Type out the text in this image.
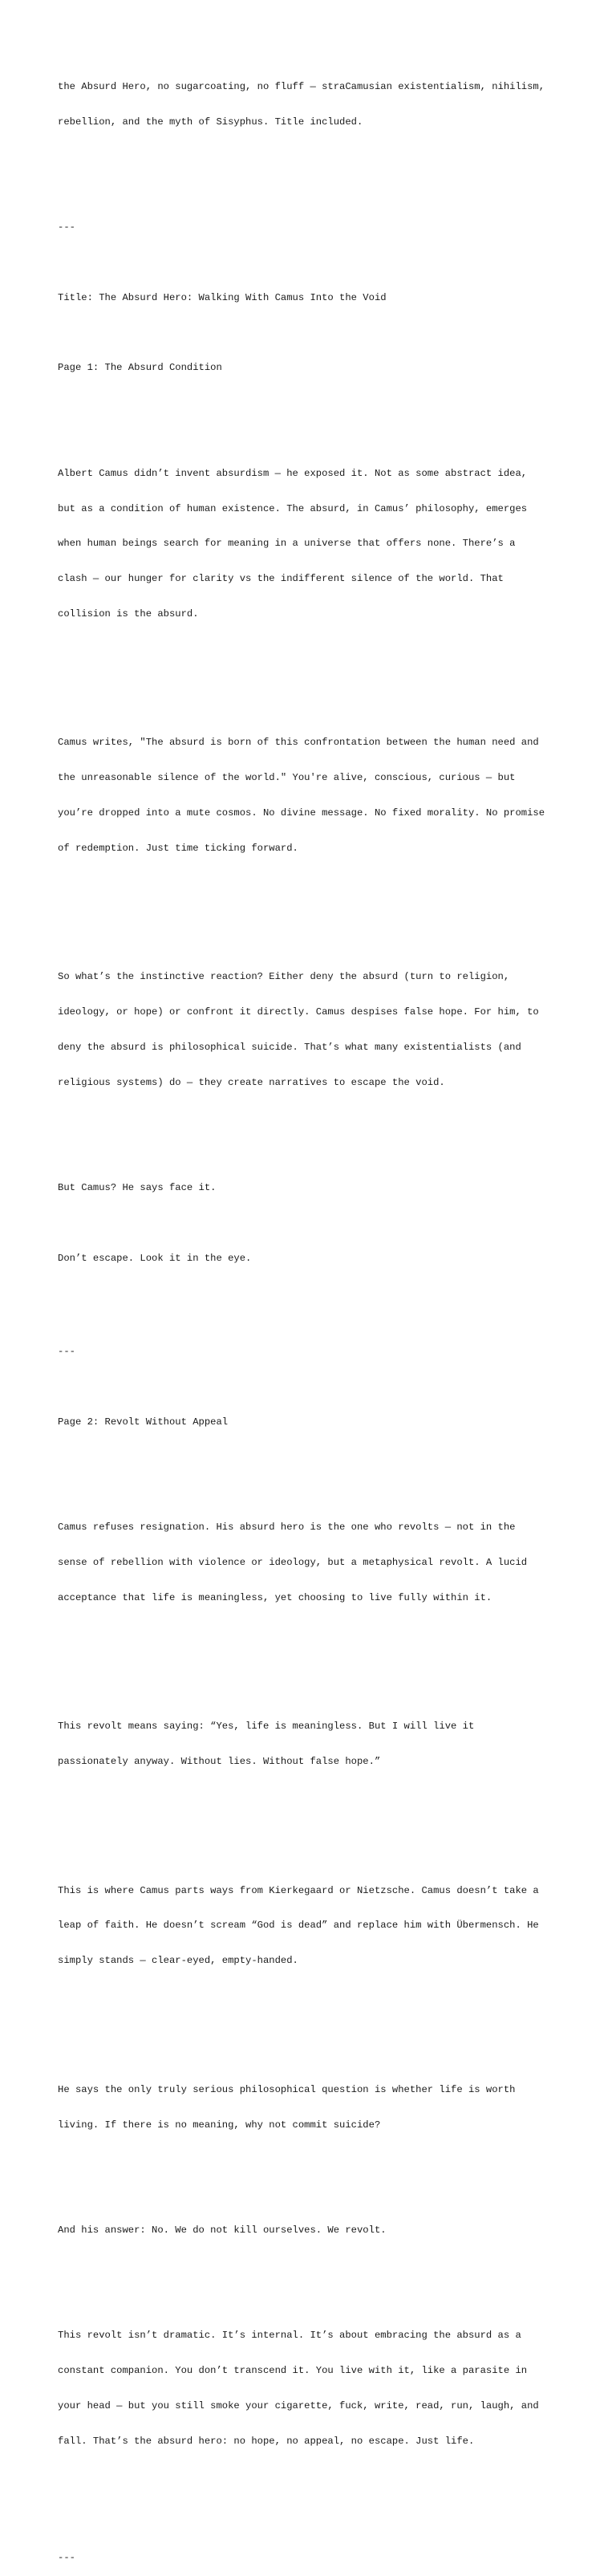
the Absurd Hero, no sugarcoating, no fluff — straCamusian existentialism, nihilism,

rebellion, and the myth of Sisyphus. Title included.

---

Title: The Absurd Hero: Walking With Camus Into the Void

Page 1: The Absurd Condition

Albert Camus didn’t invent absurdism — he exposed it. Not as some abstract idea,

but as a condition of human existence. The absurd, in Camus’ philosophy, emerges

when human beings search for meaning in a universe that offers none. There’s a

clash — our hunger for clarity vs the indifferent silence of the world. That

collision is the absurd.

Camus writes, "The absurd is born of this confrontation between the human need and

the unreasonable silence of the world." You're alive, conscious, curious — but

you’re dropped into a mute cosmos. No divine message. No fixed morality. No promise

of redemption. Just time ticking forward.

So what’s the instinctive reaction? Either deny the absurd (turn to religion,

ideology, or hope) or confront it directly. Camus despises false hope. For him, to

deny the absurd is philosophical suicide. That’s what many existentialists (and

religious systems) do — they create narratives to escape the void.

But Camus? He says face it.

Don’t escape. Look it in the eye.

---

Page 2: Revolt Without Appeal

Camus refuses resignation. His absurd hero is the one who revolts — not in the

sense of rebellion with violence or ideology, but a metaphysical revolt. A lucid

acceptance that life is meaningless, yet choosing to live fully within it.

This revolt means saying: “Yes, life is meaningless. But I will live it

passionately anyway. Without lies. Without false hope.”

This is where Camus parts ways from Kierkegaard or Nietzsche. Camus doesn’t take a

leap of faith. He doesn’t scream “God is dead” and replace him with Übermensch. He

simply stands — clear-eyed, empty-handed.

He says the only truly serious philosophical question is whether life is worth

living. If there is no meaning, why not commit suicide?

And his answer: No. We do not kill ourselves. We revolt.

This revolt isn’t dramatic. It’s internal. It’s about embracing the absurd as a

constant companion. You don’t transcend it. You live with it, like a parasite in

your head — but you still smoke your cigarette, fuck, write, read, run, laugh, and

fall. That’s the absurd hero: no hope, no appeal, no escape. Just life.

---
